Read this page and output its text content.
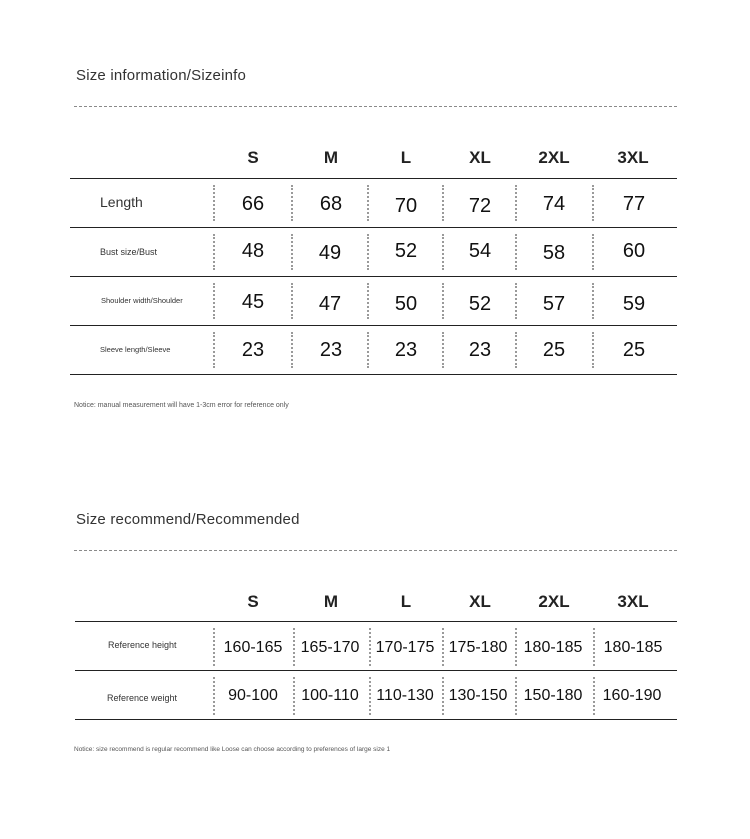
Size information/Sizeinfo
S	M	L	XL	2XL	3XL
Length	66	68	70	72	74	77
Bust size/Bust	48	49	52	54	58	60
Shoulder width/Shoulder	45	47	50	52	57	59
Sleeve length/Sleeve	23	23	23	23	25	25
Notice: manual measurement will have 1-3cm error for reference only
Size recommend/Recommended
S	M	L	XL	2XL	3XL
Reference height	160-165 165-170 170-175 175-180 180-185 180-185
Reference weight	90-100 100-110 110-130 130-150 150-180 160-190
Notice: size recommend is regular recommend like Loose can choose according to preferences of large size 1
